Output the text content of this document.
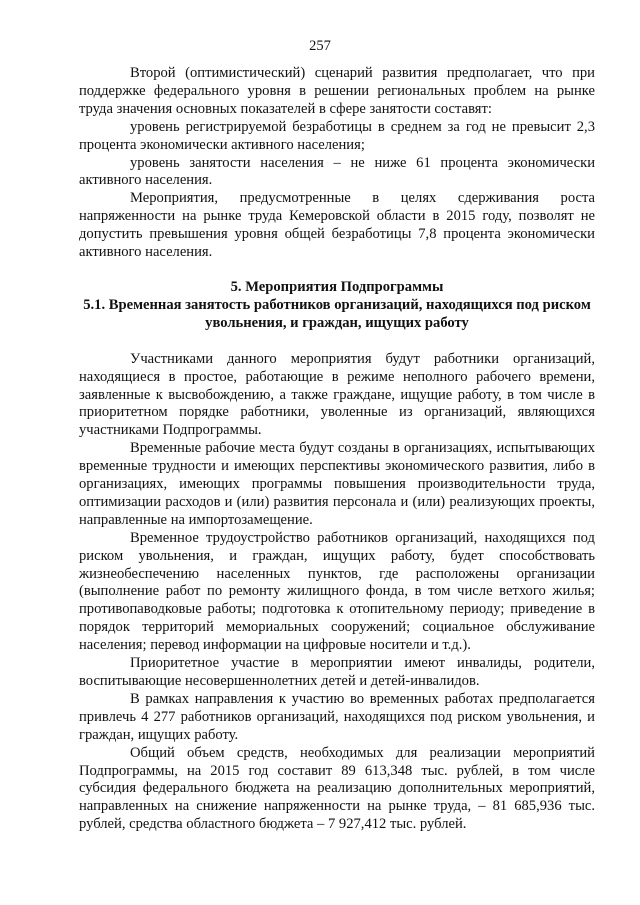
257

Второй (оптимистический) сценарий развития предполагает, что при поддержке федерального уровня в решении региональных проблем на рынке труда значения основных показателей в сфере занятости составят:

уровень регистрируемой безработицы в среднем за год не превысит 2,3 процента экономически активного населения;

уровень занятости населения – не ниже 61 процента экономически активного населения.

Мероприятия, предусмотренные в целях сдерживания роста напряженности на рынке труда Кемеровской области в 2015 году, позволят не допустить превышения уровня общей безработицы 7,8 процента экономически активного населения.

5. Мероприятия Подпрограммы
5.1. Временная занятость работников организаций, находящихся под риском увольнения, и граждан, ищущих работу

Участниками данного мероприятия будут работники организаций, находящиеся в простое, работающие в режиме неполного рабочего времени, заявленные к высвобождению, а также граждане, ищущие работу, в том числе в приоритетном порядке работники, уволенные из организаций, являющихся участниками Подпрограммы.

Временные рабочие места будут созданы в организациях, испытывающих временные трудности и имеющих перспективы экономического развития, либо в организациях, имеющих программы повышения производительности труда, оптимизации расходов и (или) развития персонала и (или) реализующих проекты, направленные на импортозамещение.

Временное трудоустройство работников организаций, находящихся под риском увольнения, и граждан, ищущих работу, будет способствовать жизнеобеспечению населенных пунктов, где расположены организации (выполнение работ по ремонту жилищного фонда, в том числе ветхого жилья; противопаводковые работы; подготовка к отопительному периоду; приведение в порядок территорий мемориальных сооружений; социальное обслуживание населения; перевод информации на цифровые носители и т.д.).

Приоритетное участие в мероприятии имеют инвалиды, родители, воспитывающие несовершеннолетних детей и детей-инвалидов.

В рамках направления к участию во временных работах предполагается привлечь 4 277 работников организаций, находящихся под риском увольнения, и граждан, ищущих работу.

Общий объем средств, необходимых для реализации мероприятий Подпрограммы, на 2015 год составит 89 613,348 тыс. рублей, в том числе субсидия федерального бюджета на реализацию дополнительных мероприятий, направленных на снижение напряженности на рынке труда, – 81 685,936 тыс. рублей, средства областного бюджета – 7 927,412 тыс. рублей.
